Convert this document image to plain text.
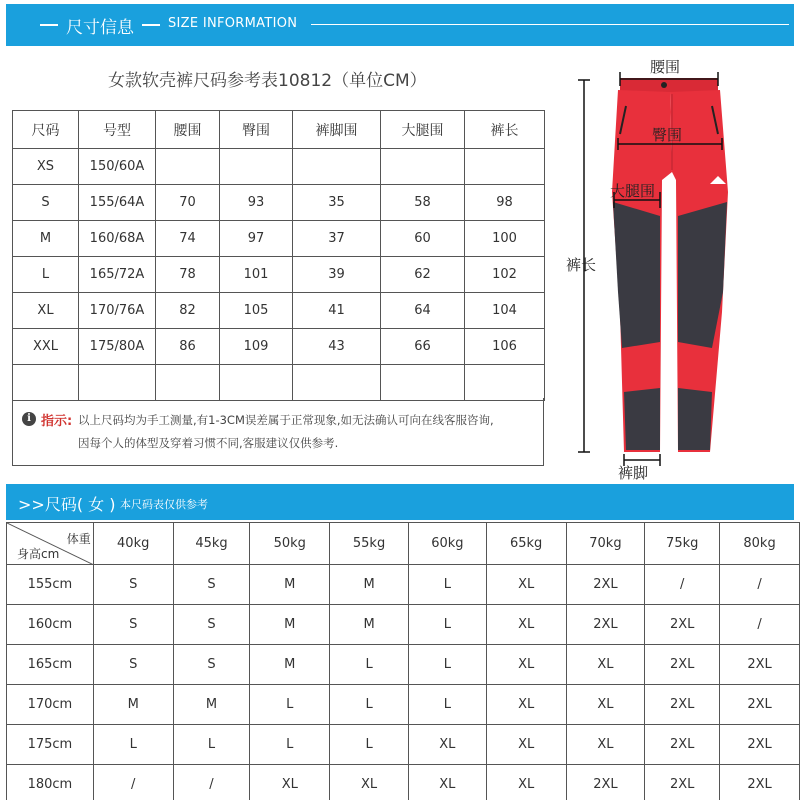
尺寸信息	SIZE INFORMATION
女款软壳裤尺码参考表10812（单位CM）
尺码	号型	腰围	臀围	裤脚围	大腿围	裤长
XS	150/60A					
S	155/64A	70	93	35	58	98
M	160/68A	74	97	37	60	100
L	165/72A	78	101	39	62	102
XL	170/76A	82	105	41	64	104
XXL	175/80A	86	109	43	66	106

i 指示: 以上尺码均为手工测量,有1-3CM误差属于正常现象,如无法确认可向在线客服咨询,
因每个人的体型及穿着习惯不同,客服建议仅供参考.
腰围
臀围
大腿围
裤长
裤脚
>>尺码( 女 ) 本尺码表仅供参考
体重
身高cm	40kg	45kg	50kg	55kg	60kg	65kg	70kg	75kg	80kg
155cm	S	S	M	M	L	XL	2XL	/	/
160cm	S	S	M	M	L	XL	2XL	2XL	/
165cm	S	S	M	L	L	XL	XL	2XL	2XL
170cm	M	M	L	L	L	XL	XL	2XL	2XL
175cm	L	L	L	L	XL	XL	XL	2XL	2XL
180cm	/	/	XL	XL	XL	XL	2XL	2XL	2XL
